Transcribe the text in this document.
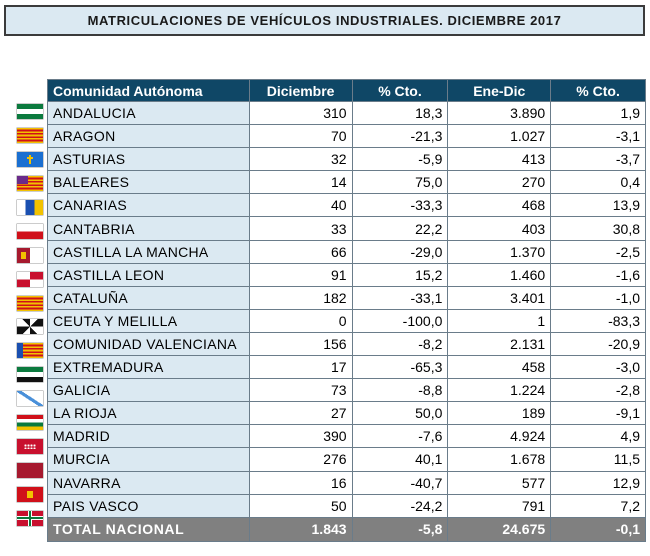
MATRICULACIONES DE VEHÍCULOS INDUSTRIALES. DICIEMBRE 2017
Comunidad Autónoma	Diciembre	% Cto.	Ene-Dic	% Cto.
ANDALUCIA	310	18,3	3.890	1,9
ARAGON	70	-21,3	1.027	-3,1
ASTURIAS	32	-5,9	413	-3,7
BALEARES	14	75,0	270	0,4
CANARIAS	40	-33,3	468	13,9
CANTABRIA	33	22,2	403	30,8
CASTILLA LA MANCHA	66	-29,0	1.370	-2,5
CASTILLA LEON	91	15,2	1.460	-1,6
CATALUÑA	182	-33,1	3.401	-1,0
CEUTA Y MELILLA	0	-100,0	1	-83,3
COMUNIDAD VALENCIANA	156	-8,2	2.131	-20,9
EXTREMADURA	17	-65,3	458	-3,0
GALICIA	73	-8,8	1.224	-2,8
LA RIOJA	27	50,0	189	-9,1
MADRID	390	-7,6	4.924	4,9
MURCIA	276	40,1	1.678	11,5
NAVARRA	16	-40,7	577	12,9
PAIS VASCO	50	-24,2	791	7,2
TOTAL NACIONAL	1.843	-5,8	24.675	-0,1
